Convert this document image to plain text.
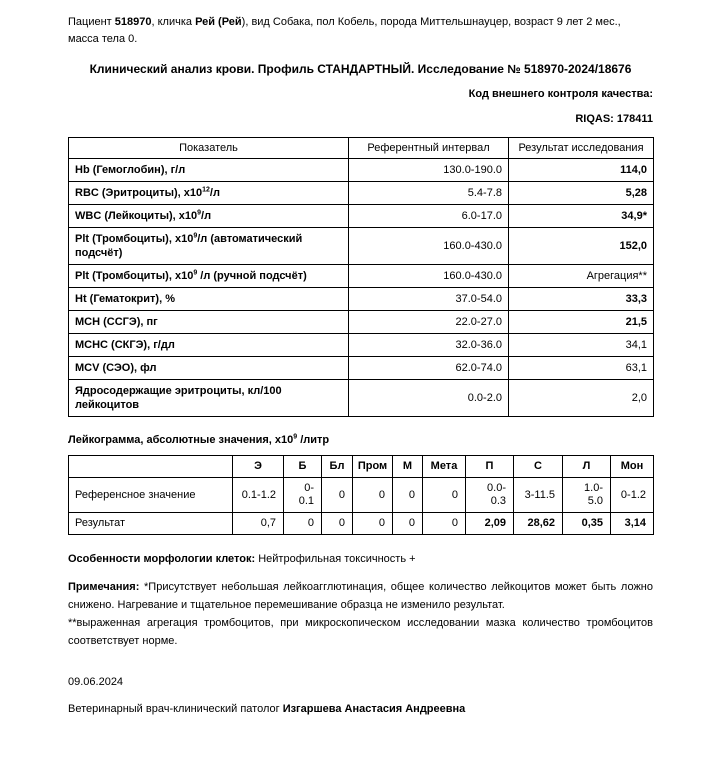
Пациент 518970, кличка Рей (Рей), вид Собака, пол Кобель, порода Миттельшнауцер, возраст 9 лет 2 мес., масса тела 0.

Клинический анализ крови. Профиль СТАНДАРТНЫЙ. Исследование № 518970-2024/18676
Код внешнего контроля качества:
RIQAS: 178411
Показатель	Референтный интервал	Результат исследования
Hb (Гемоглобин), г/л	130.0-190.0	114,0
RBC (Эритроциты), $x10^{12}/л$	5.4-7.8	5,28
WBC (Лейкоциты), $x10^9/л$	6.0-17.0	34,9*
Plt (Тромбоциты), $x10^9/л$ (автоматический подсчёт)	160.0-430.0	152,0
Plt (Тромбоциты), $x10^9$ /л (ручной подсчёт)	160.0-430.0	Агрегация**
Ht (Гематокрит), %	37.0-54.0	33,3
MCH (ССГЭ), пг	22.0-27.0	21,5
MCHC (СКГЭ), г/дл	32.0-36.0	34,1
MCV (СЭО), фл	62.0-74.0	63,1
Ядросодержащие эритроциты, кл/100 лейкоцитов	0.0-2.0	2,0
Лейкограмма, абсолютные значения, $x10^9$ /литр
	Э	Б	Бл	Пром	М	Мета	П	С	Л	Мон
Референсное значение	0.1-1.2	0-0.1	0	0	0	0	0.0-0.3	3-11.5	1.0-5.0	0-1.2
Результат	0,7	0	0	0	0	0	2,09	28,62	0,35	3,14

Особенности морфологии клеток: Нейтрофильная токсичность +

Примечания: *Присутствует небольшая лейкоагглютинация, общее количество лейкоцитов может быть ложно снижено. Нагревание и тщательное перемешивание образца не изменило результат.

**выраженная агрегация тромбоцитов, при микроскопическом исследовании мазка количество тромбоцитов соответствует норме.

09.06.2024

Ветеринарный врач-клинический патолог Изгаршева Анастасия Андреевна
